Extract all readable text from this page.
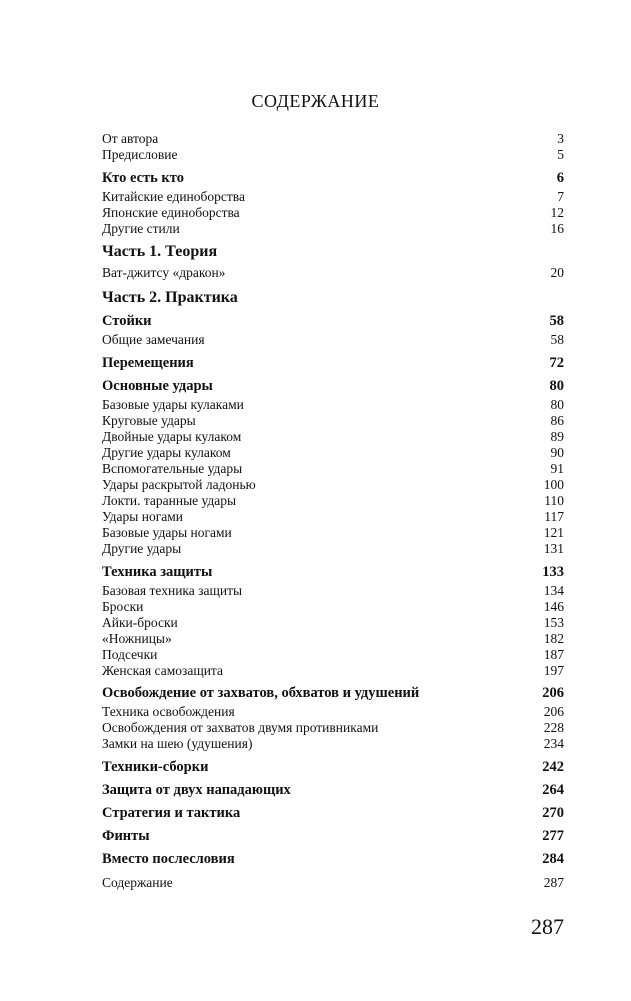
СОДЕРЖАНИЕ
От автора	3
Предисловие	5
Кто есть кто	6
Китайские единоборства	7
Японские единоборства	12
Другие стили	16
Часть 1. Теория
Ват-джитсу «дракон»	20
Часть 2. Практика
Стойки	58
Общие замечания	58
Перемещения	72
Основные удары	80
Базовые удары кулаками	80
Круговые удары	86
Двойные удары кулаком	89
Другие удары кулаком	90
Вспомогательные удары	91
Удары раскрытой ладонью	100
Локти. таранные удары	110
Удары ногами	117
Базовые удары ногами	121
Другие удары	131
Техника защиты	133
Базовая техника защиты	134
Броски	146
Айки-броски	153
«Ножницы»	182
Подсечки	187
Женская самозащита	197
Освобождение от захватов, обхватов и удушений	206
Техника освобождения	206
Освобождения от захватов двумя противниками	228
Замки на шею (удушения)	234
Техники-сборки	242
Защита от двух нападающих	264
Стратегия и тактика	270
Финты	277
Вместо послесловия	284
Содержание	287
287
